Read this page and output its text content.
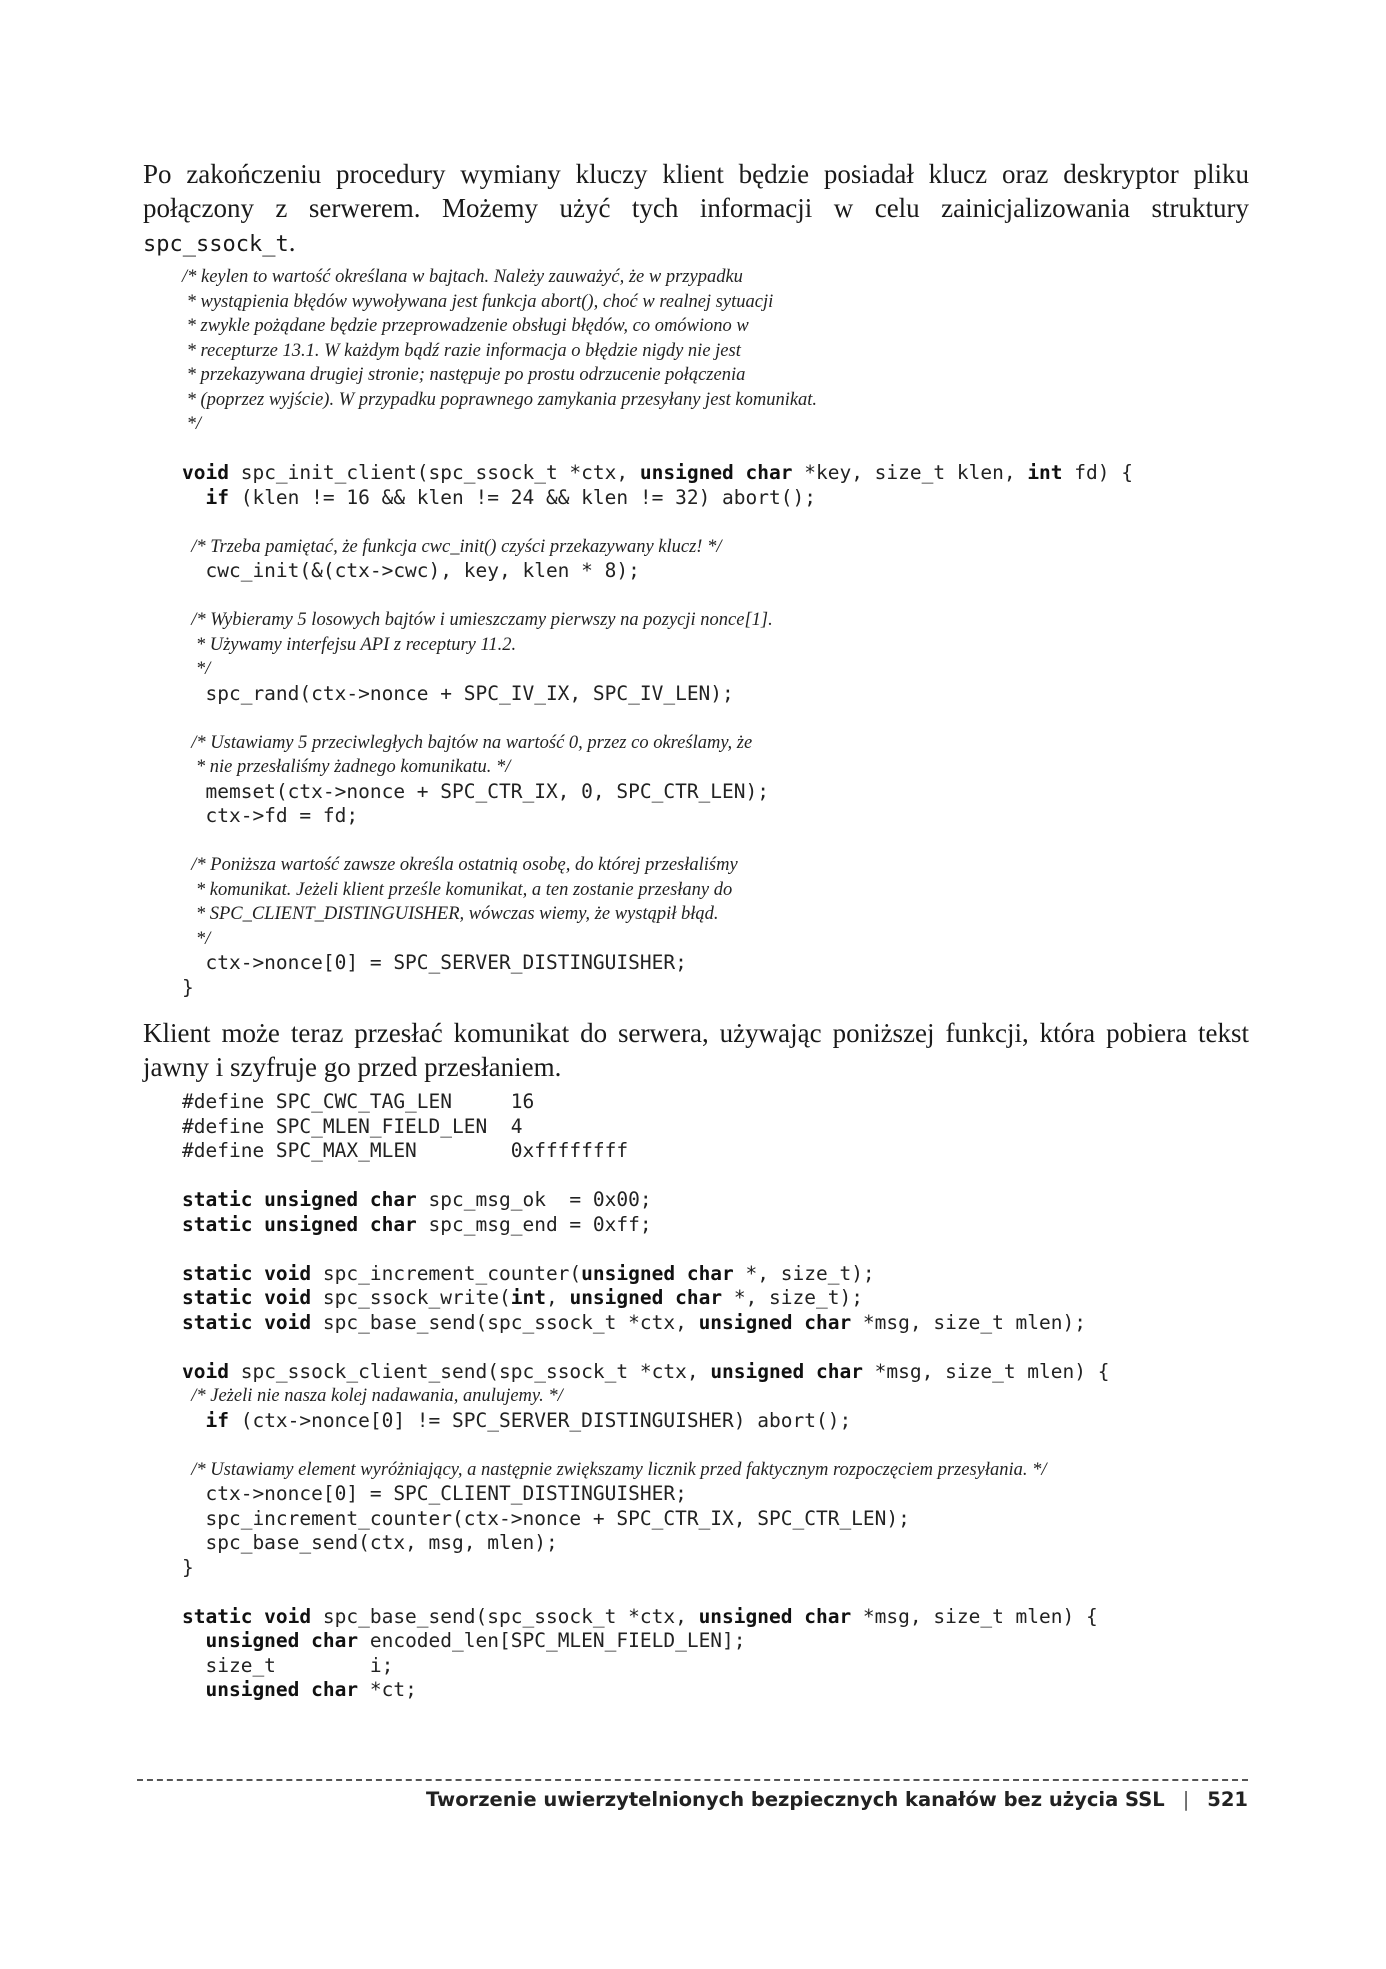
Po zakończeniu procedury wymiany kluczy klient będzie posiadał klucz oraz deskryptor pliku połączony z serwerem. Możemy użyć tych informacji w celu zainicjalizowania struktury spc_ssock_t.

/* keylen to wartość określana w bajtach. Należy zauważyć, że w przypadku
* wystąpienia błędów wywoływana jest funkcja abort(), choć w realnej sytuacji
* zwykle pożądane będzie przeprowadzenie obsługi błędów, co omówiono w
* recepturze 13.1. W każdym bądź razie informacja o błędzie nigdy nie jest
* przekazywana drugiej stronie; następuje po prostu odrzucenie połączenia
* (poprzez wyjście). W przypadku poprawnego zamykania przesyłany jest komunikat.
*/
void spc_init_client(spc_ssock_t *ctx, unsigned char *key, size_t klen, int fd) {
if (klen != 16 && klen != 24 && klen != 32) abort();
/* Trzeba pamiętać, że funkcja cwc_init() czyści przekazywany klucz! */
cwc_init(&(ctx->cwc), key, klen * 8);
/* Wybieramy 5 losowych bajtów i umieszczamy pierwszy na pozycji nonce[1].
* Używamy interfejsu API z receptury 11.2.
*/
spc_rand(ctx->nonce + SPC_IV_IX, SPC_IV_LEN);
/* Ustawiamy 5 przeciwległych bajtów na wartość 0, przez co określamy, że
* nie przesłaliśmy żadnego komunikatu. */
memset(ctx->nonce + SPC_CTR_IX, 0, SPC_CTR_LEN);
ctx->fd = fd;
/* Poniższa wartość zawsze określa ostatnią osobę, do której przesłaliśmy
* komunikat. Jeżeli klient prześle komunikat, a ten zostanie przesłany do
* SPC_CLIENT_DISTINGUISHER, wówczas wiemy, że wystąpił błąd.
*/
ctx->nonce[0] = SPC_SERVER_DISTINGUISHER;
}

Klient może teraz przesłać komunikat do serwera, używając poniższej funkcji, która pobiera tekst jawny i szyfruje go przed przesłaniem.

#define SPC_CWC_TAG_LEN     16
#define SPC_MLEN_FIELD_LEN  4
#define SPC_MAX_MLEN        0xffffffff
static unsigned char spc_msg_ok  = 0x00;
static unsigned char spc_msg_end = 0xff;
static void spc_increment_counter(unsigned char *, size_t);
static void spc_ssock_write(int, unsigned char *, size_t);
static void spc_base_send(spc_ssock_t *ctx, unsigned char *msg, size_t mlen);
void spc_ssock_client_send(spc_ssock_t *ctx, unsigned char *msg, size_t mlen) {
/* Jeżeli nie nasza kolej nadawania, anulujemy. */
if (ctx->nonce[0] != SPC_SERVER_DISTINGUISHER) abort();
/* Ustawiamy element wyróżniający, a następnie zwiększamy licznik przed faktycznym rozpoczęciem przesyłania. */
ctx->nonce[0] = SPC_CLIENT_DISTINGUISHER;
spc_increment_counter(ctx->nonce + SPC_CTR_IX, SPC_CTR_LEN);
spc_base_send(ctx, msg, mlen);
}
static void spc_base_send(spc_ssock_t *ctx, unsigned char *msg, size_t mlen) {
unsigned char encoded_len[SPC_MLEN_FIELD_LEN];
size_t        i;
unsigned char *ct;
Tworzenie uwierzytelnionych bezpiecznych kanałów bez użycia SSL | 521
